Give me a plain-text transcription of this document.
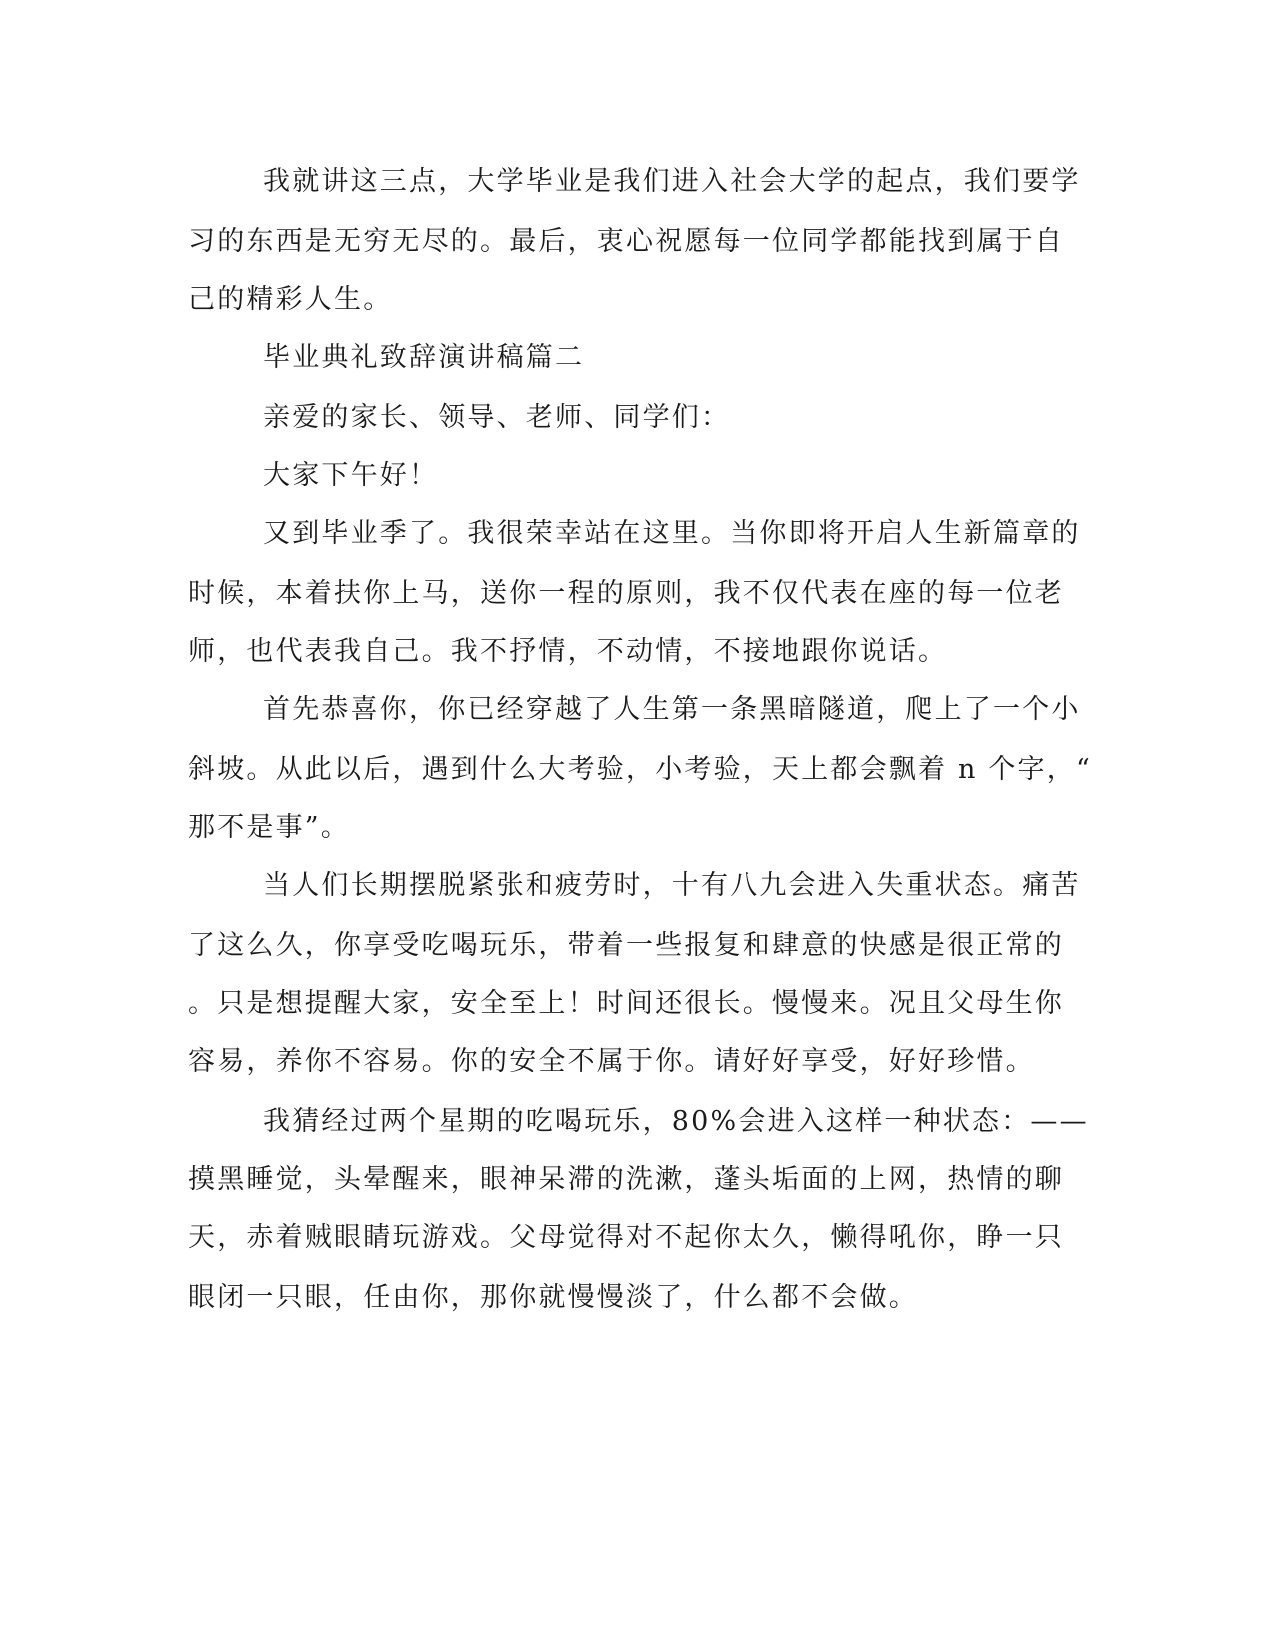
我就讲这三点，大学毕业是我们进入社会大学的起点，我们要学
习的东西是无穷无尽的。最后，衷心祝愿每一位同学都能找到属于自
己的精彩人生。
毕业典礼致辞演讲稿篇二
亲爱的家长、领导、老师、同学们：
大家下午好！
又到毕业季了。我很荣幸站在这里。当你即将开启人生新篇章的
时候，本着扶你上马，送你一程的原则，我不仅代表在座的每一位老
师，也代表我自己。我不抒情，不动情，不接地跟你说话。
首先恭喜你，你已经穿越了人生第一条黑暗隧道，爬上了一个小
斜坡。从此以后，遇到什么大考验，小考验，天上都会飘着 n 个字，“
那不是事”。
当人们长期摆脱紧张和疲劳时，十有八九会进入失重状态。痛苦
了这么久，你享受吃喝玩乐，带着一些报复和肆意的快感是很正常的
。只是想提醒大家，安全至上！时间还很长。慢慢来。况且父母生你
容易，养你不容易。你的安全不属于你。请好好享受，好好珍惜。
我猜经过两个星期的吃喝玩乐，80%会进入这样一种状态：——
摸黑睡觉，头晕醒来，眼神呆滞的洗漱，蓬头垢面的上网，热情的聊
天，赤着贼眼睛玩游戏。父母觉得对不起你太久，懒得吼你，睁一只
眼闭一只眼，任由你，那你就慢慢淡了，什么都不会做。
